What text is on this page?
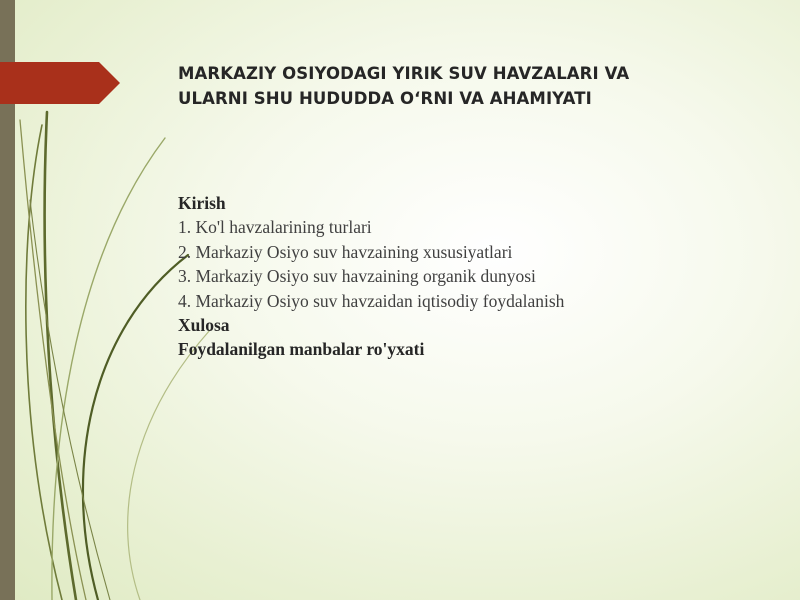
MARKAZIY OSIYODAGI YIRIK SUV HAVZALARI VA
ULARNI SHU HUDUDDA O‘RNI VA AHAMIYATI
Kirish
1. Ko'l havzalarining turlari
2. Markaziy Osiyo suv havzaining xususiyatlari
3. Markaziy Osiyo suv havzaining organik dunyosi
4. Markaziy Osiyo suv havzaidan iqtisodiy foydalanish
Xulosa
Foydalanilgan manbalar ro'yxati
